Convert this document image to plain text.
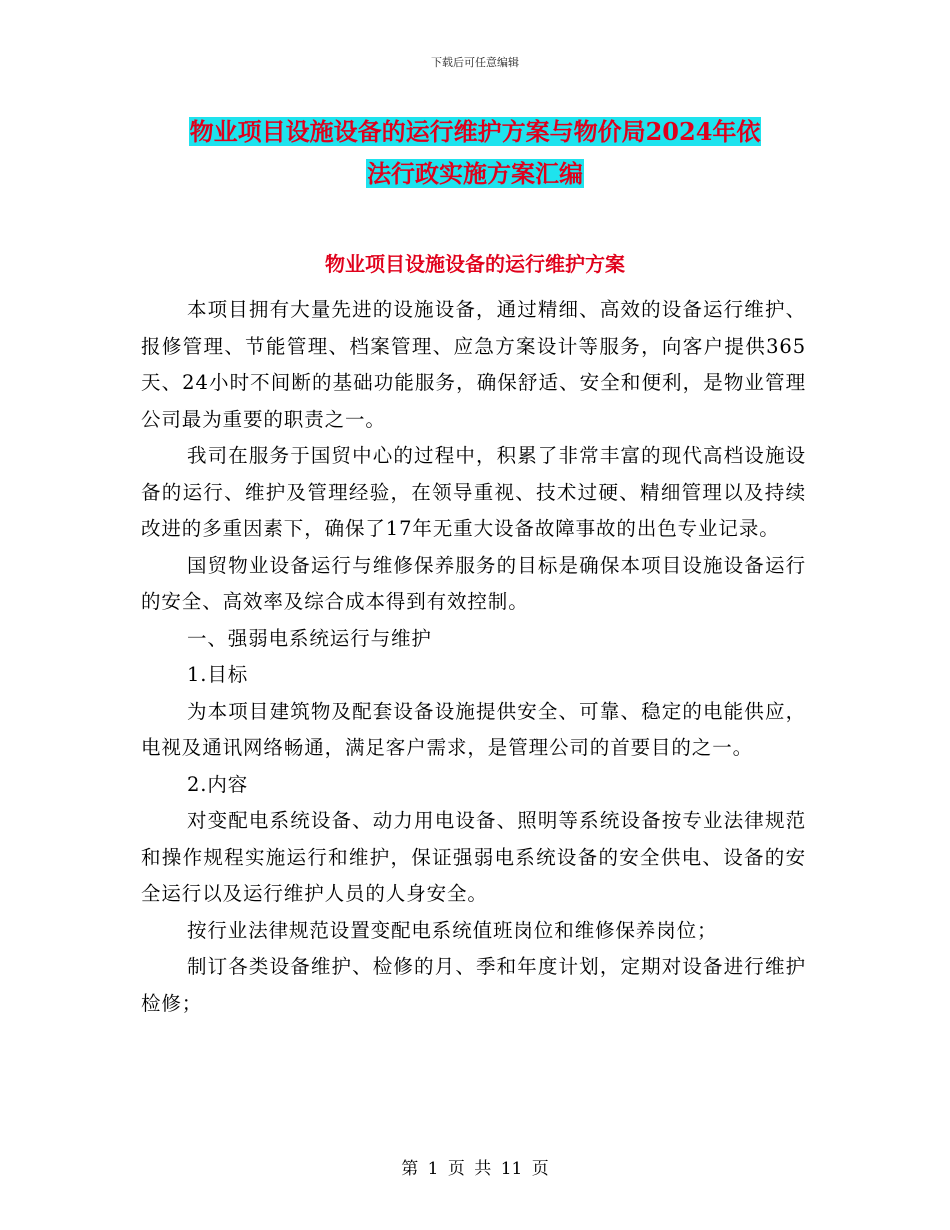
下载后可任意编辑
物业项目设施设备的运行维护方案与物价局2024年依
法行政实施方案汇编
物业项目设施设备的运行维护方案

本项目拥有大量先进的设施设备，通过精细、高效的设备运行维护、报修管理、节能管理、档案管理、应急方案设计等服务，向客户提供365天、24小时不间断的基础功能服务，确保舒适、安全和便利，是物业管理公司最为重要的职责之一。

我司在服务于国贸中心的过程中，积累了非常丰富的现代高档设施设备的运行、维护及管理经验，在领导重视、技术过硬、精细管理以及持续改进的多重因素下，确保了17年无重大设备故障事故的出色专业记录。

国贸物业设备运行与维修保养服务的目标是确保本项目设施设备运行的安全、高效率及综合成本得到有效控制。

一、强弱电系统运行与维护

1.目标

为本项目建筑物及配套设备设施提供安全、可靠、稳定的电能供应，电视及通讯网络畅通，满足客户需求，是管理公司的首要目的之一。

2.内容

对变配电系统设备、动力用电设备、照明等系统设备按专业法律规范和操作规程实施运行和维护，保证强弱电系统设备的安全供电、设备的安全运行以及运行维护人员的人身安全。

按行业法律规范设置变配电系统值班岗位和维修保养岗位；

制订各类设备维护、检修的月、季和年度计划，定期对设备进行维护检修；

第 1 页 共 11 页
